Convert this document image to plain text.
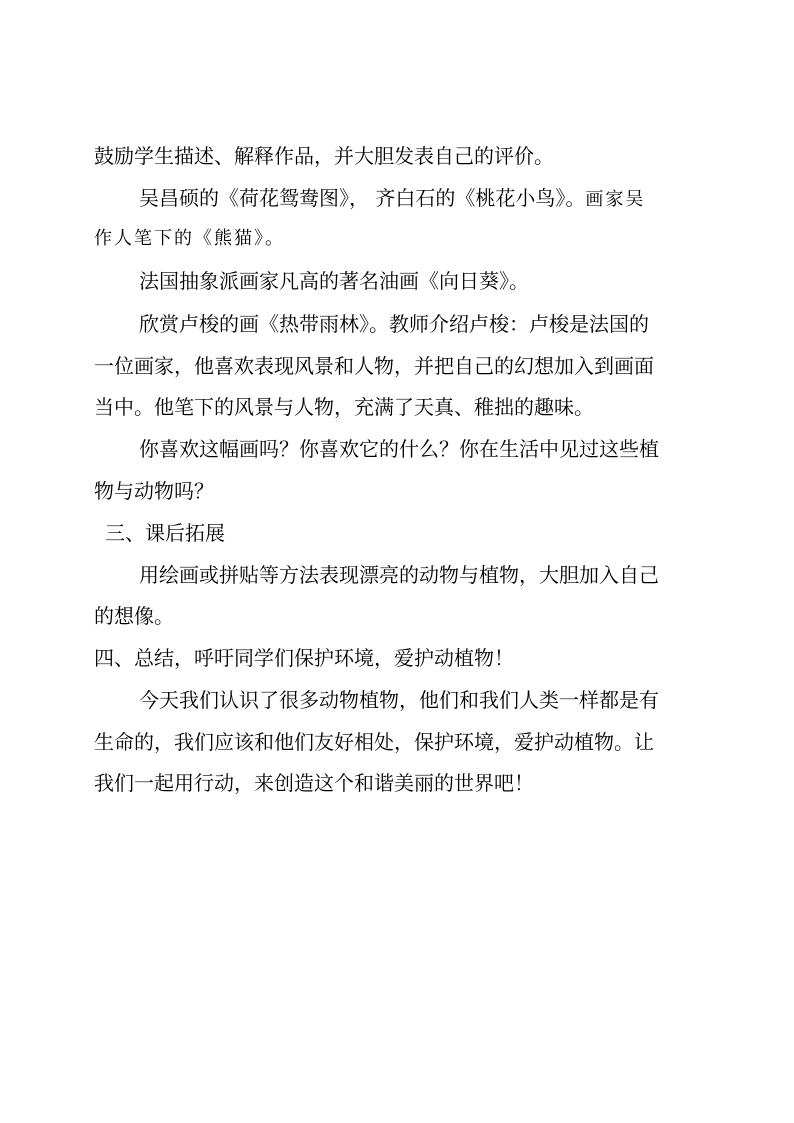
鼓励学生描述、解释作品，并大胆发表自己的评价。
吴昌硕的《荷花鸳鸯图》， 齐白石的《桃花小鸟》。画家吴
作人笔下的《熊猫》。
法国抽象派画家凡高的著名油画《向日葵》。
欣赏卢梭的画《热带雨林》。教师介绍卢梭：卢梭是法国的
一位画家，他喜欢表现风景和人物，并把自己的幻想加入到画面
当中。他笔下的风景与人物，充满了天真、稚拙的趣味。
你喜欢这幅画吗？你喜欢它的什么？你在生活中见过这些植
物与动物吗？
三、课后拓展
用绘画或拼贴等方法表现漂亮的动物与植物，大胆加入自己
的想像。
四、总结，呼吁同学们保护环境，爱护动植物！
今天我们认识了很多动物植物，他们和我们人类一样都是有
生命的，我们应该和他们友好相处，保护环境，爱护动植物。让
我们一起用行动，来创造这个和谐美丽的世界吧！
